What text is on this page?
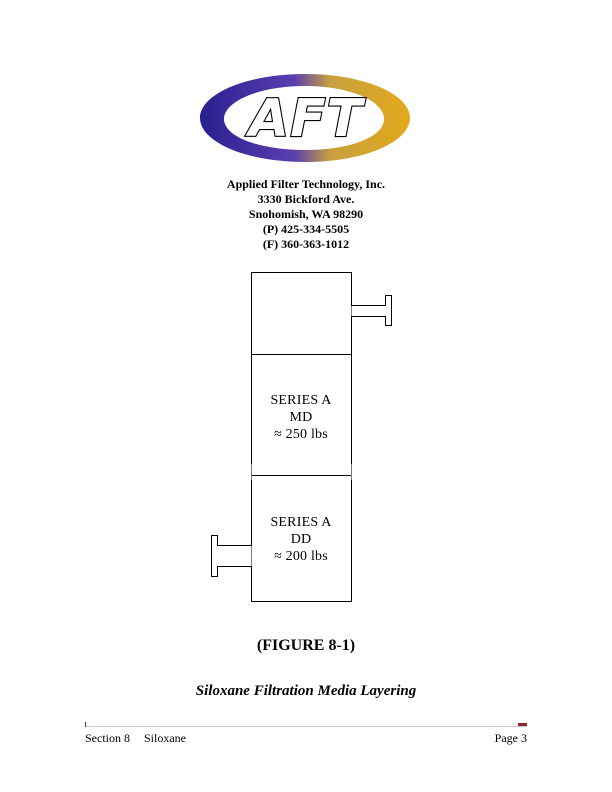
AFT
Applied Filter Technology, Inc.
3330 Bickford Ave.
Snohomish, WA 98290
(P) 425-334-5505
(F) 360-363-1012
SERIES A
MD
≈ 250 lbs
SERIES A
DD
≈ 200 lbs
(FIGURE 8-1)
Siloxane Filtration Media Layering
Section 8 Siloxane	Page 3
